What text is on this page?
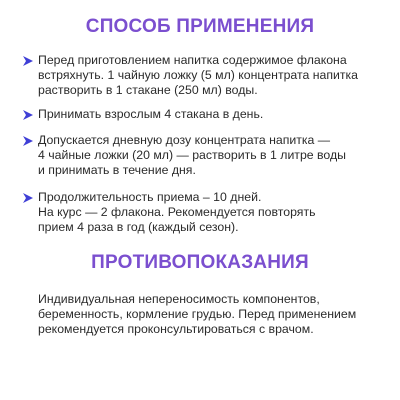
СПОСОБ ПРИМЕНЕНИЯ
Перед приготовлением напитка содержимое флакона
встряхнуть. 1 чайную ложку (5 мл) концентрата напитка
растворить в 1 стакане (250 мл) воды.
Принимать взрослым 4 стакана в день.
Допускается дневную дозу концентрата напитка —
4 чайные ложки (20 мл) — растворить в 1 литре воды
и принимать в течение дня.
Продолжительность приема – 10 дней.
На курс — 2 флакона. Рекомендуется повторять
прием 4 раза в год (каждый сезон).
ПРОТИВОПОКАЗАНИЯ
Индивидуальная непереносимость компонентов,
беременность, кормление грудью. Перед применением
рекомендуется проконсультироваться с врачом.
